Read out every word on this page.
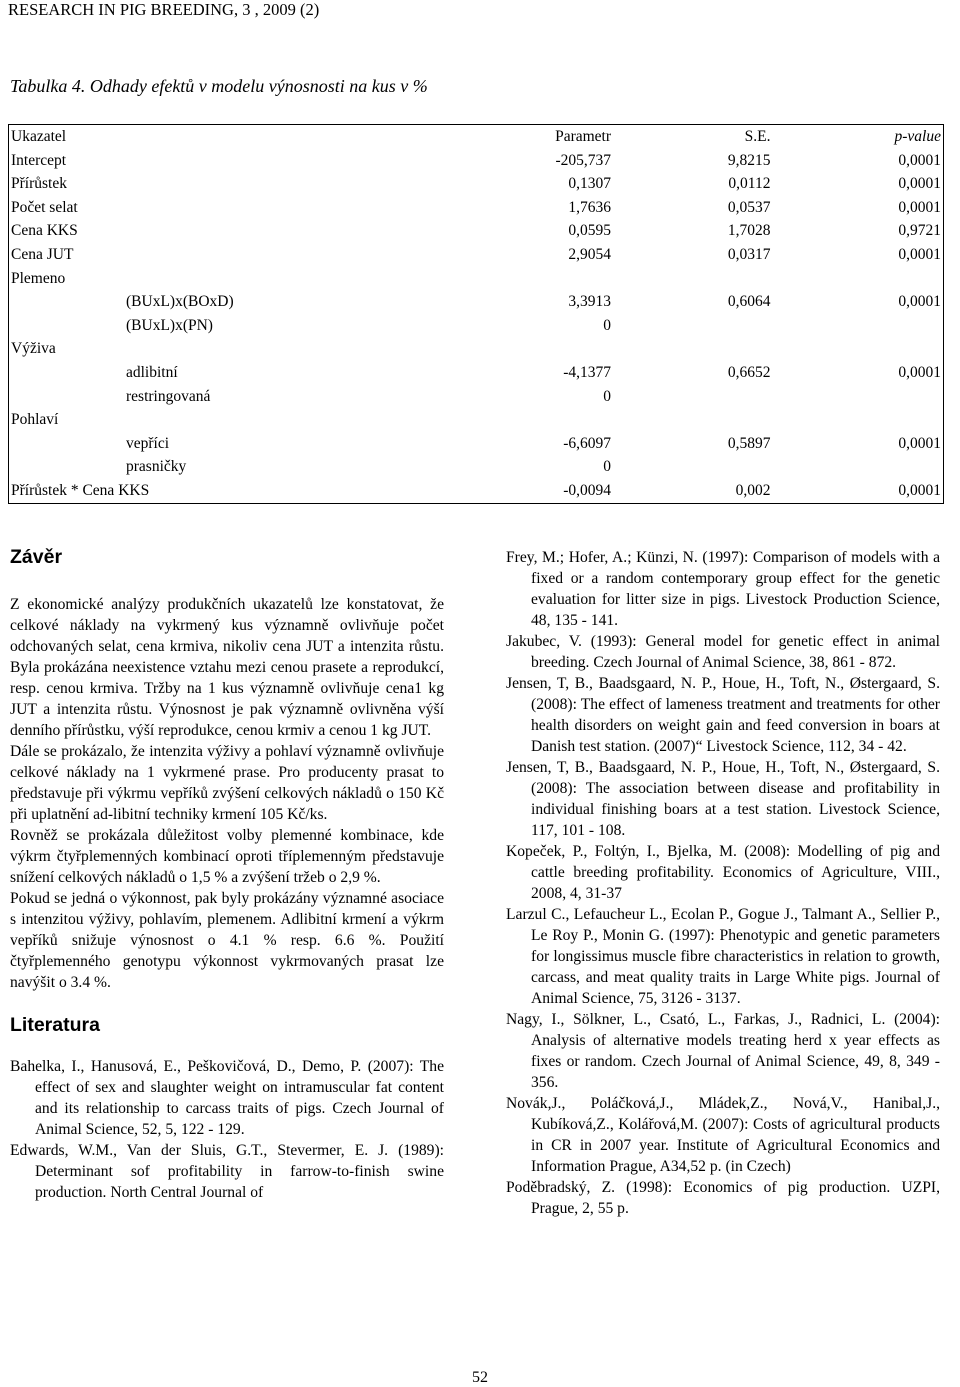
RESEARCH IN PIG BREEDING, 3 , 2009 (2)
Tabulka 4. Odhady efektů v modelu výnosnosti na kus v %
Ukazatel	Parametr	S.E.	p-value
Intercept	-205,737	9,8215	0,0001
Přírůstek	0,1307	0,0112	0,0001
Počet selat	1,7636	0,0537	0,0001
Cena KKS	0,0595	1,7028	0,9721
Cena JUT	2,9054	0,0317	0,0001
Plemeno			
(BUxL)x(BOxD)	3,3913	0,6064	0,0001
(BUxL)x(PN)	0		
Výživa			
adlibitní	-4,1377	0,6652	0,0001
restringovaná	0		
Pohlaví			
vepříci	-6,6097	0,5897	0,0001
prasničky	0		
Přírůstek * Cena KKS	-0,0094	0,002	0,0001
Závěr

Z ekonomické analýzy produkčních ukazatelů lze konstatovat, že celkové náklady na vykrmený kus významně ovlivňuje počet odchovaných selat, cena krmiva, nikoliv cena JUT a intenzita růstu. Byla prokázána neexistence vztahu mezi cenou prasete a reprodukcí, resp. cenou krmiva. Tržby na 1 kus významně ovlivňuje cena1 kg JUT a intenzita růstu. Výnosnost je pak významně ovlivněna výší denního přírůstku, výší reprodukce, cenou krmiv a cenou 1 kg JUT.

Dále se prokázalo, že intenzita výživy a pohlaví významně ovlivňuje celkové náklady na 1 vykrmené prase. Pro producenty prasat to představuje při výkrmu vepříků zvýšení celkových nákladů o 150 Kč při uplatnění ad-libitní techniky krmení 105 Kč/ks.

Rovněž se prokázala důležitost volby plemenné kombinace, kde výkrm čtyřplemenných kombinací oproti tříplemenným představuje snížení celkových nákladů o 1,5 % a zvýšení tržeb o 2,9 %.

Pokud se jedná o výkonnost, pak byly prokázány významné asociace s intenzitou výživy, pohlavím, plemenem. Adlibitní krmení a výkrm vepříků snižuje výnosnost o 4.1 % resp. 6.6 %. Použití čtyřplemenného genotypu výkonnost vykrmovaných prasat lze navýšit o 3.4 %.

Literatura

Bahelka, I., Hanusová, E., Peškovičová, D., Demo, P. (2007): The effect of sex and slaughter weight on intramuscular fat content and its relationship to carcass traits of pigs. Czech Journal of Animal Science, 52, 5, 122 - 129.

Edwards, W.M., Van der Sluis, G.T., Stevermer, E. J. (1989): Determinant sof profitability in farrow-to-finish swine production. North Central Journal of

Frey, M.; Hofer, A.; Künzi, N. (1997): Comparison of models with a fixed or a random contemporary group effect for the genetic evaluation for litter size in pigs. Livestock Production Science, 48, 135 - 141.

Jakubec, V. (1993): General model for genetic effect in animal breeding. Czech Journal of Animal Science, 38, 861 - 872.

Jensen, T, B., Baadsgaard, N. P., Houe, H., Toft, N., Østergaard, S. (2008): The effect of lameness treatment and treatments for other health disorders on weight gain and feed conversion in boars at Danish test station. (2007)“ Livestock Science, 112, 34 - 42.

Jensen, T, B., Baadsgaard, N. P., Houe, H., Toft, N., Østergaard, S. (2008): The association between disease and profitability in individual finishing boars at a test station. Livestock Science, 117, 101 - 108.

Kopeček, P., Foltýn, I., Bjelka, M. (2008): Modelling of pig and cattle breeding profitability. Economics of Agriculture, VIII., 2008, 4, 31-37

Larzul C., Lefaucheur L., Ecolan P., Gogue J., Talmant A., Sellier P., Le Roy P., Monin G. (1997): Phenotypic and genetic parameters for longissimus muscle fibre characteristics in relation to growth, carcass, and meat quality traits in Large White pigs. Journal of Animal Science, 75, 3126 - 3137.

Nagy, I., Sölkner, L., Csató, L., Farkas, J., Radnici, L. (2004): Analysis of alternative models treating herd x year effects as fixes or random. Czech Journal of Animal Science, 49, 8, 349 - 356.

Novák,J., Poláčková,J., Mládek,Z., Nová,V., Hanibal,J., Kubíková,Z., Kolářová,M. (2007): Costs of agricultural products in CR in 2007 year. Institute of Agricultural Economics and Information Prague, A34,52 p. (in Czech)

Poděbradský, Z. (1998): Economics of pig production. UZPI, Prague, 2, 55 p.

52
